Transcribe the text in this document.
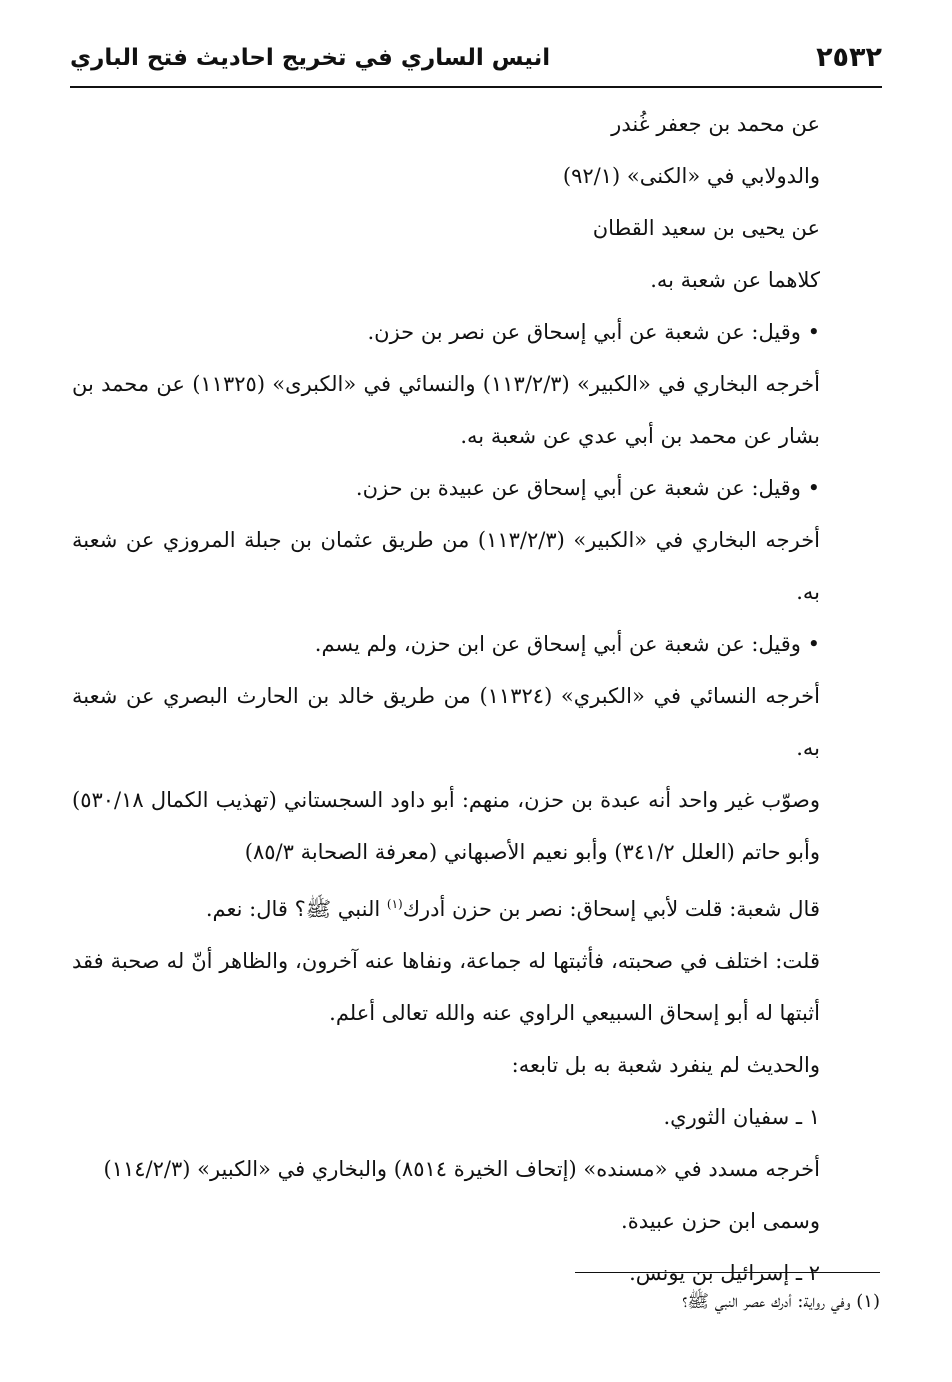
٢٥٣٢
انيس الساري في تخريج احاديث فتح الباري

عن محمد بن جعفر غُندر

والدولابي في «الكنى» (٩٢/١)

عن يحيى بن سعيد القطان

كلاهما عن شعبة به.

• وقيل: عن شعبة عن أبي إسحاق عن نصر بن حزن.

أخرجه البخاري في «الكبير» (١١٣/٢/٣) والنسائي في «الكبرى» (١١٣٢٥) عن محمد بن بشار عن محمد بن أبي عدي عن شعبة به.

• وقيل: عن شعبة عن أبي إسحاق عن عبيدة بن حزن.

أخرجه البخاري في «الكبير» (١١٣/٢/٣) من طريق عثمان بن جبلة المروزي عن شعبة به.

• وقيل: عن شعبة عن أبي إسحاق عن ابن حزن، ولم يسم.

أخرجه النسائي في «الكبري» (١١٣٢٤) من طريق خالد بن الحارث البصري عن شعبة به.

وصوّب غير واحد أنه عبدة بن حزن، منهم: أبو داود السجستاني (تهذيب الكمال ٥٣٠/١٨) وأبو حاتم (العلل ٣٤١/٢) وأبو نعيم الأصبهاني (معرفة الصحابة ٨٥/٣)

قال شعبة: قلت لأبي إسحاق: نصر بن حزن أدرك$^{(١)}$ النبي ﷺ؟ قال: نعم.

قلت: اختلف في صحبته، فأثبتها له جماعة، ونفاها عنه آخرون، والظاهر أنّ له صحبة فقد أثبتها له أبو إسحاق السبيعي الراوي عنه والله تعالى أعلم.

والحديث لم ينفرد شعبة به بل تابعه:

١ ـ سفيان الثوري.

أخرجه مسدد في «مسنده» (إتحاف الخيرة ٨٥١٤) والبخاري في «الكبير» (١١٤/٢/٣)

وسمى ابن حزن عبيدة.

٢ ـ إسرائيل بن يونس.

(١) وفي رواية: أدرك عصر النبي ﷺ؟
